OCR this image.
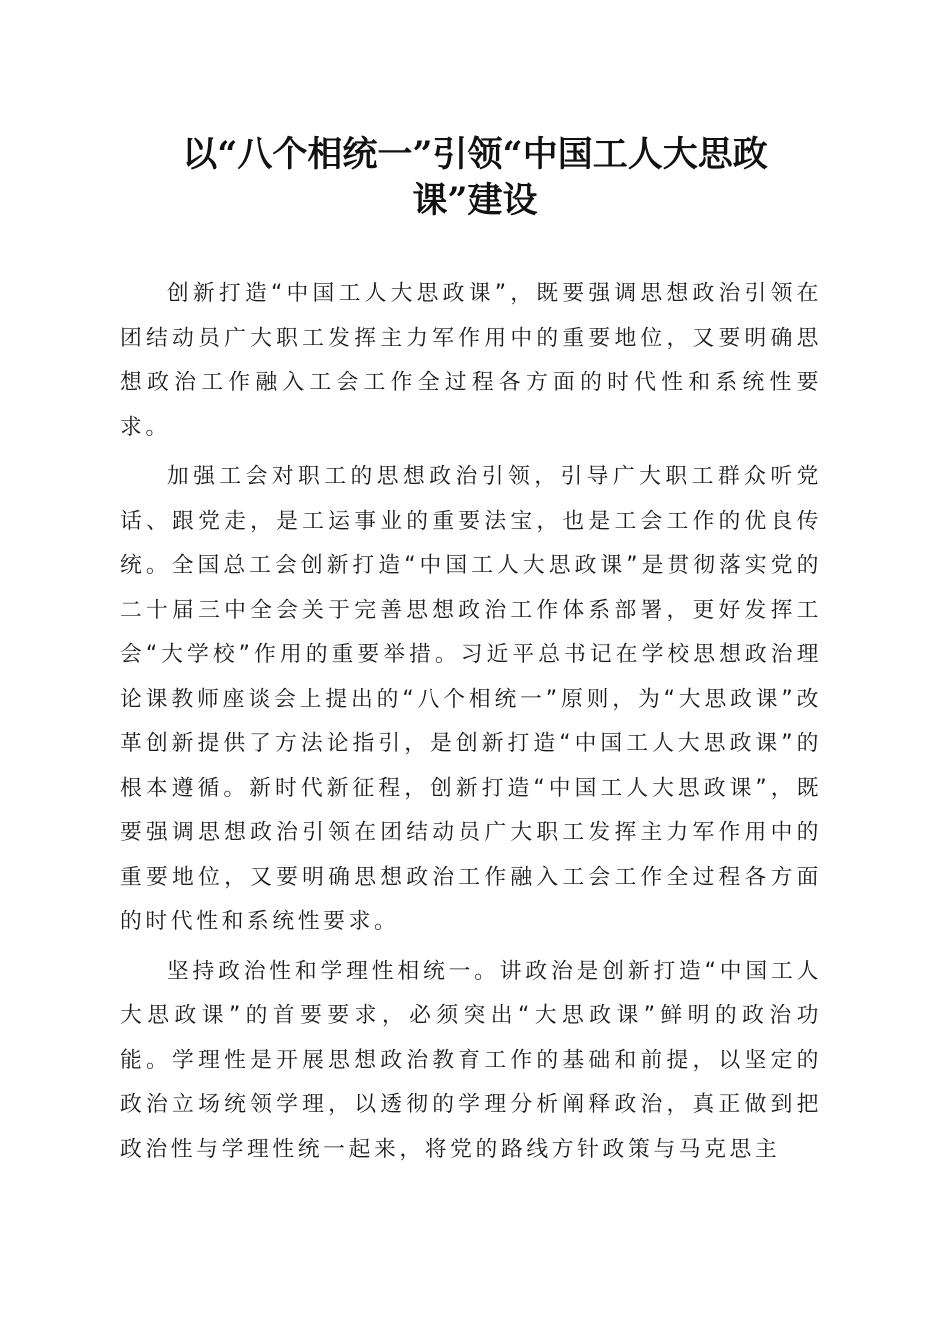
以“八个相统一”引领“中国工人大思政
课”建设

创新打造“中国工人大思政课”，既要强调思想政治引领在团结动员广大职工发挥主力军作用中的重要地位，又要明确思想政治工作融入工会工作全过程各方面的时代性和系统性要求。

加强工会对职工的思想政治引领，引导广大职工群众听党话、跟党走，是工运事业的重要法宝，也是工会工作的优良传统。全国总工会创新打造“中国工人大思政课”是贯彻落实党的二十届三中全会关于完善思想政治工作体系部署，更好发挥工会“大学校”作用的重要举措。习近平总书记在学校思想政治理论课教师座谈会上提出的“八个相统一”原则，为“大思政课”改革创新提供了方法论指引，是创新打造“中国工人大思政课”的根本遵循。新时代新征程，创新打造“中国工人大思政课”，既要强调思想政治引领在团结动员广大职工发挥主力军作用中的重要地位，又要明确思想政治工作融入工会工作全过程各方面的时代性和系统性要求。

坚持政治性和学理性相统一。讲政治是创新打造“中国工人大思政课”的首要要求，必须突出“大思政课”鲜明的政治功能。学理性是开展思想政治教育工作的基础和前提，以坚定的政治立场统领学理，以透彻的学理分析阐释政治，真正做到把政治性与学理性统一起来，将党的路线方针政策与马克思主
